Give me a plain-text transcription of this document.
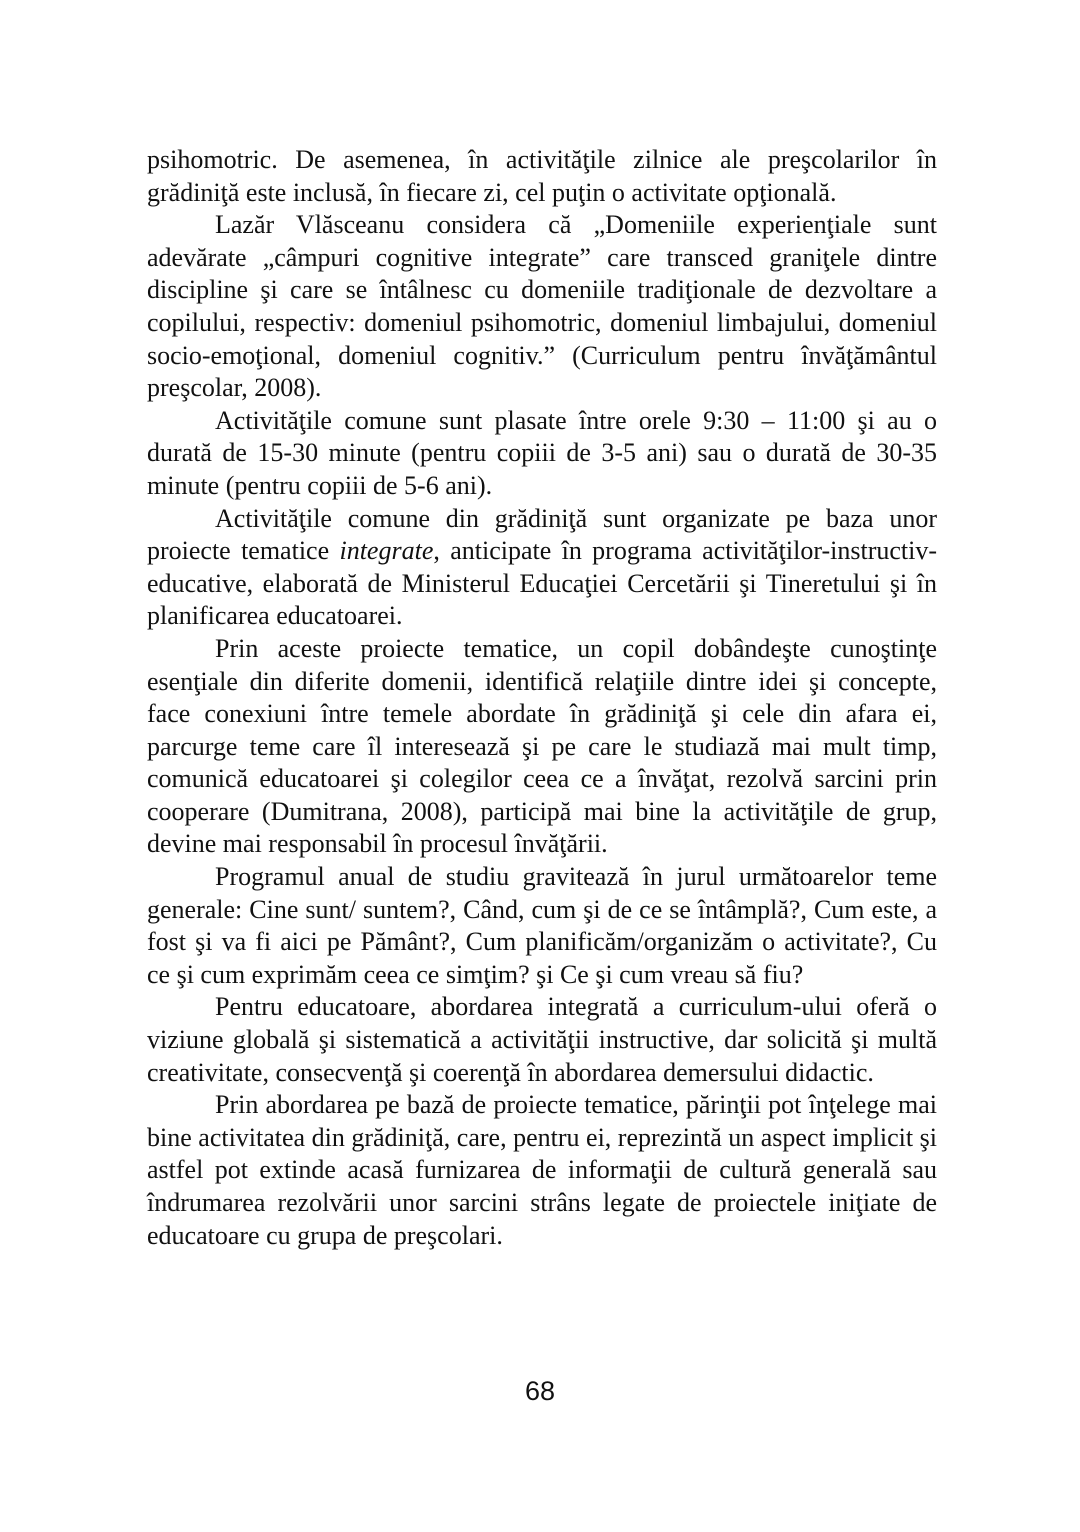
psihomotric. De asemenea, în activităţile zilnice ale preşcolarilor în grădiniţă este inclusă, în fiecare zi, cel puţin o activitate opţională.

Lazăr Vlăsceanu considera că „Domeniile experienţiale sunt adevărate „câmpuri cognitive integrate” care transced graniţele dintre discipline şi care se întâlnesc cu domeniile tradiţionale de dezvoltare a copilului, respectiv: domeniul psihomotric, domeniul limbajului, domeniul socio-emoţional, domeniul cognitiv.” (Curriculum pentru învăţământul preşcolar, 2008).

Activităţile comune sunt plasate între orele 9:30 – 11:00 şi au o durată de 15-30 minute (pentru copiii de 3-5 ani) sau o durată de 30-35 minute (pentru copiii de 5-6 ani).

Activităţile comune din grădiniţă sunt organizate pe baza unor proiecte tematice integrate, anticipate în programa activităţilor-instructiv-educative, elaborată de Ministerul Educaţiei Cercetării şi Tineretului şi în planificarea educatoarei.

Prin aceste proiecte tematice, un copil dobândeşte cunoştinţe esenţiale din diferite domenii, identifică relaţiile dintre idei şi concepte, face conexiuni între temele abordate în grădiniţă şi cele din afara ei, parcurge teme care îl interesează şi pe care le studiază mai mult timp, comunică educatoarei şi colegilor ceea ce a învăţat, rezolvă sarcini prin cooperare (Dumitrana, 2008), participă mai bine la activităţile de grup, devine mai responsabil în procesul învăţării.

Programul anual de studiu gravitează în jurul următoarelor teme generale: Cine sunt/ suntem?, Când, cum şi de ce se întâmplă?, Cum este, a fost şi va fi aici pe Pământ?, Cum planificăm/organizăm o activitate?, Cu ce şi cum exprimăm ceea ce simţim? şi Ce şi cum vreau să fiu?

Pentru educatoare, abordarea integrată a curriculum-ului oferă o viziune globală şi sistematică a activităţii instructive, dar solicită şi multă creativitate, consecvenţă şi coerenţă în abordarea demersului didactic.

Prin abordarea pe bază de proiecte tematice, părinţii pot înţelege mai bine activitatea din grădiniţă, care, pentru ei, reprezintă un aspect implicit şi astfel pot extinde acasă furnizarea de informaţii de cultură generală sau îndrumarea rezolvării unor sarcini strâns legate de proiectele iniţiate de educatoare cu grupa de preşcolari.

68
